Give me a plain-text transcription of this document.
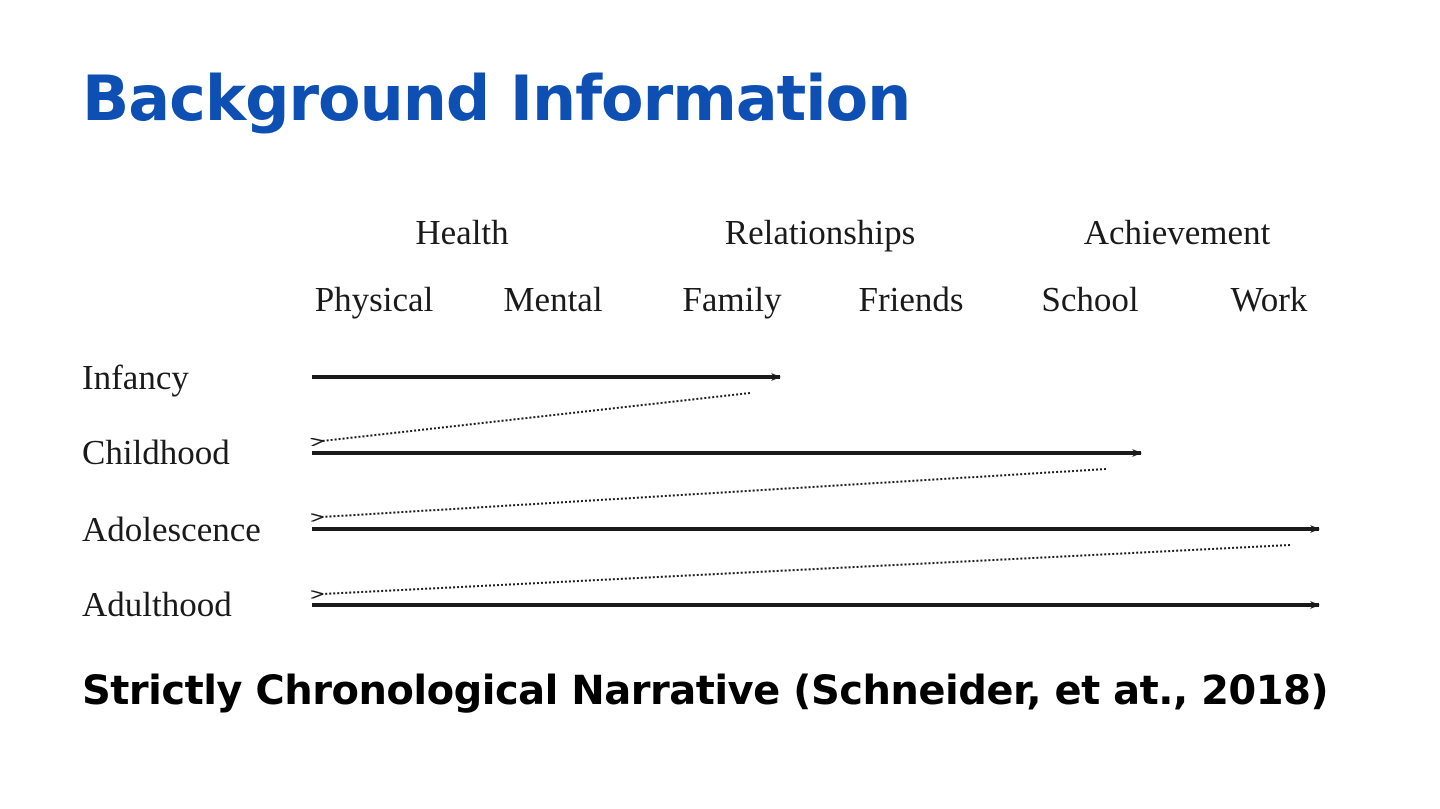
Background Information
Health	Relationships	Achievement
Physical Mental Family Friends School	Work
Infancy
Childhood
Adolescence
Adulthood

Strictly Chronological Narrative (Schneider, et at., 2018)
